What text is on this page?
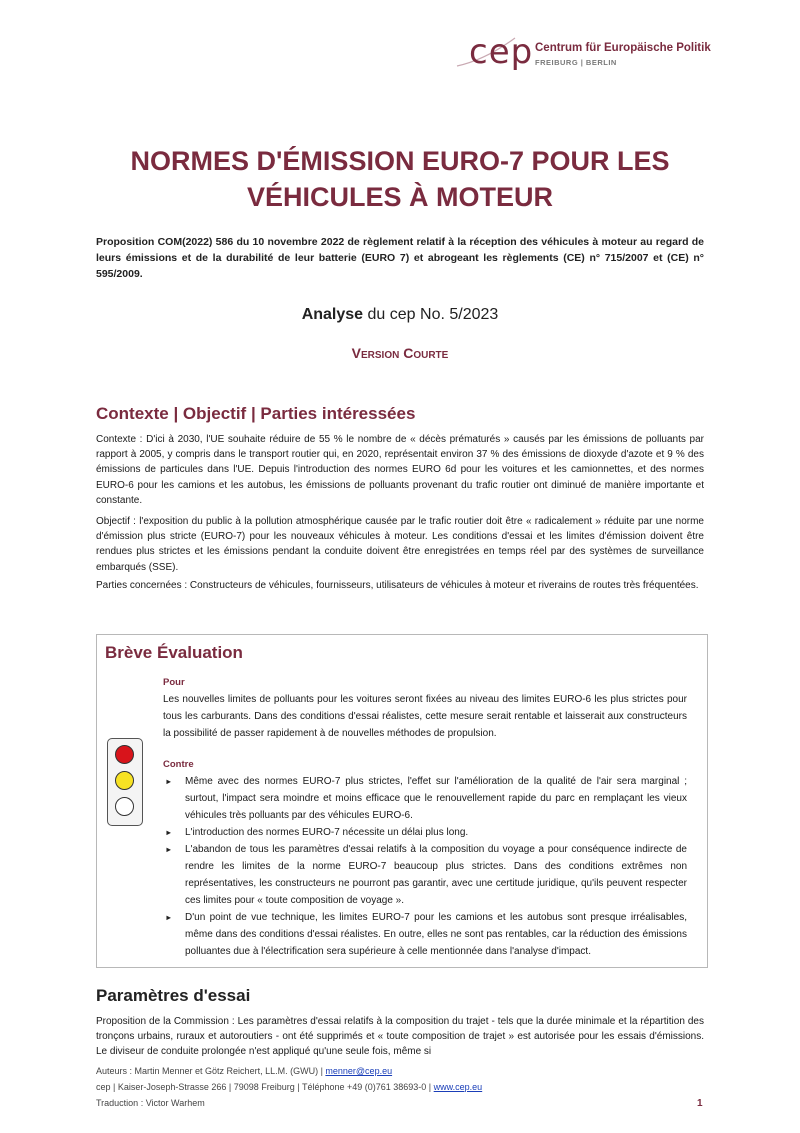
cep Centrum für Europäische Politik
FREIBURG | BERLIN
NORMES D'ÉMISSION EURO-7 POUR LES
VÉHICULES À MOTEUR
Proposition COM(2022) 586 du 10 novembre 2022 de règlement relatif à la réception des véhicules à moteur au regard de leurs émissions et de la durabilité de leur batterie (EURO 7) et abrogeant les règlements (CE) n° 715/2007 et (CE) n° 595/2009.
Analyse du cep No. 5/2023
Version Courte
Contexte | Objectif | Parties intéressées
Contexte : D'ici à 2030, l'UE souhaite réduire de 55 % le nombre de « décès prématurés » causés par les émissions de polluants par rapport à 2005, y compris dans le transport routier qui, en 2020, représentait environ 37 % des émissions de dioxyde d'azote et 9 % des émissions de particules dans l'UE. Depuis l'introduction des normes EURO 6d pour les voitures et les camionnettes, et des normes EURO-6 pour les camions et les autobus, les émissions de polluants provenant du trafic routier ont diminué de manière importante et constante.
Objectif : l'exposition du public à la pollution atmosphérique causée par le trafic routier doit être « radicalement » réduite par une norme d'émission plus stricte (EURO-7) pour les nouveaux véhicules à moteur. Les conditions d'essai et les limites d'émission doivent être rendues plus strictes et les émissions pendant la conduite doivent être enregistrées en temps réel par des systèmes de surveillance embarqués (SSE).
Parties concernées : Constructeurs de véhicules, fournisseurs, utilisateurs de véhicules à moteur et riverains de routes très fréquentées.
Brève Évaluation
Pour
Les nouvelles limites de polluants pour les voitures seront fixées au niveau des limites EURO-6 les plus strictes pour tous les carburants. Dans des conditions d'essai réalistes, cette mesure serait rentable et laisserait aux constructeurs la possibilité de passer rapidement à de nouvelles méthodes de propulsion.
Contre
► Même avec des normes EURO-7 plus strictes, l'effet sur l'amélioration de la qualité de l'air sera marginal ; surtout, l'impact sera moindre et moins efficace que le renouvellement rapide du parc en remplaçant les vieux véhicules très polluants par des véhicules EURO-6.
► L'introduction des normes EURO-7 nécessite un délai plus long.
► L'abandon de tous les paramètres d'essai relatifs à la composition du voyage a pour conséquence indirecte de rendre les limites de la norme EURO-7 beaucoup plus strictes. Dans des conditions extrêmes non représentatives, les constructeurs ne pourront pas garantir, avec une certitude juridique, qu'ils peuvent respecter ces limites pour « toute composition de voyage ».
► D'un point de vue technique, les limites EURO-7 pour les camions et les autobus sont presque irréalisables, même dans des conditions d'essai réalistes. En outre, elles ne sont pas rentables, car la réduction des émissions polluantes due à l'électrification sera supérieure à celle mentionnée dans l'analyse d'impact.
Paramètres d'essai
Proposition de la Commission : Les paramètres d'essai relatifs à la composition du trajet - tels que la durée minimale et la répartition des tronçons urbains, ruraux et autoroutiers - ont été supprimés et « toute composition de trajet » est autorisée pour les essais d'émissions. Le diviseur de conduite prolongée n'est appliqué qu'une seule fois, même si
Auteurs : Martin Menner et Götz Reichert, LL.M. (GWU) | menner@cep.eu
cep | Kaiser-Joseph-Strasse 266 | 79098 Freiburg | Téléphone +49 (0)761 38693-0 | www.cep.eu
Traduction : Victor Warhem	1
